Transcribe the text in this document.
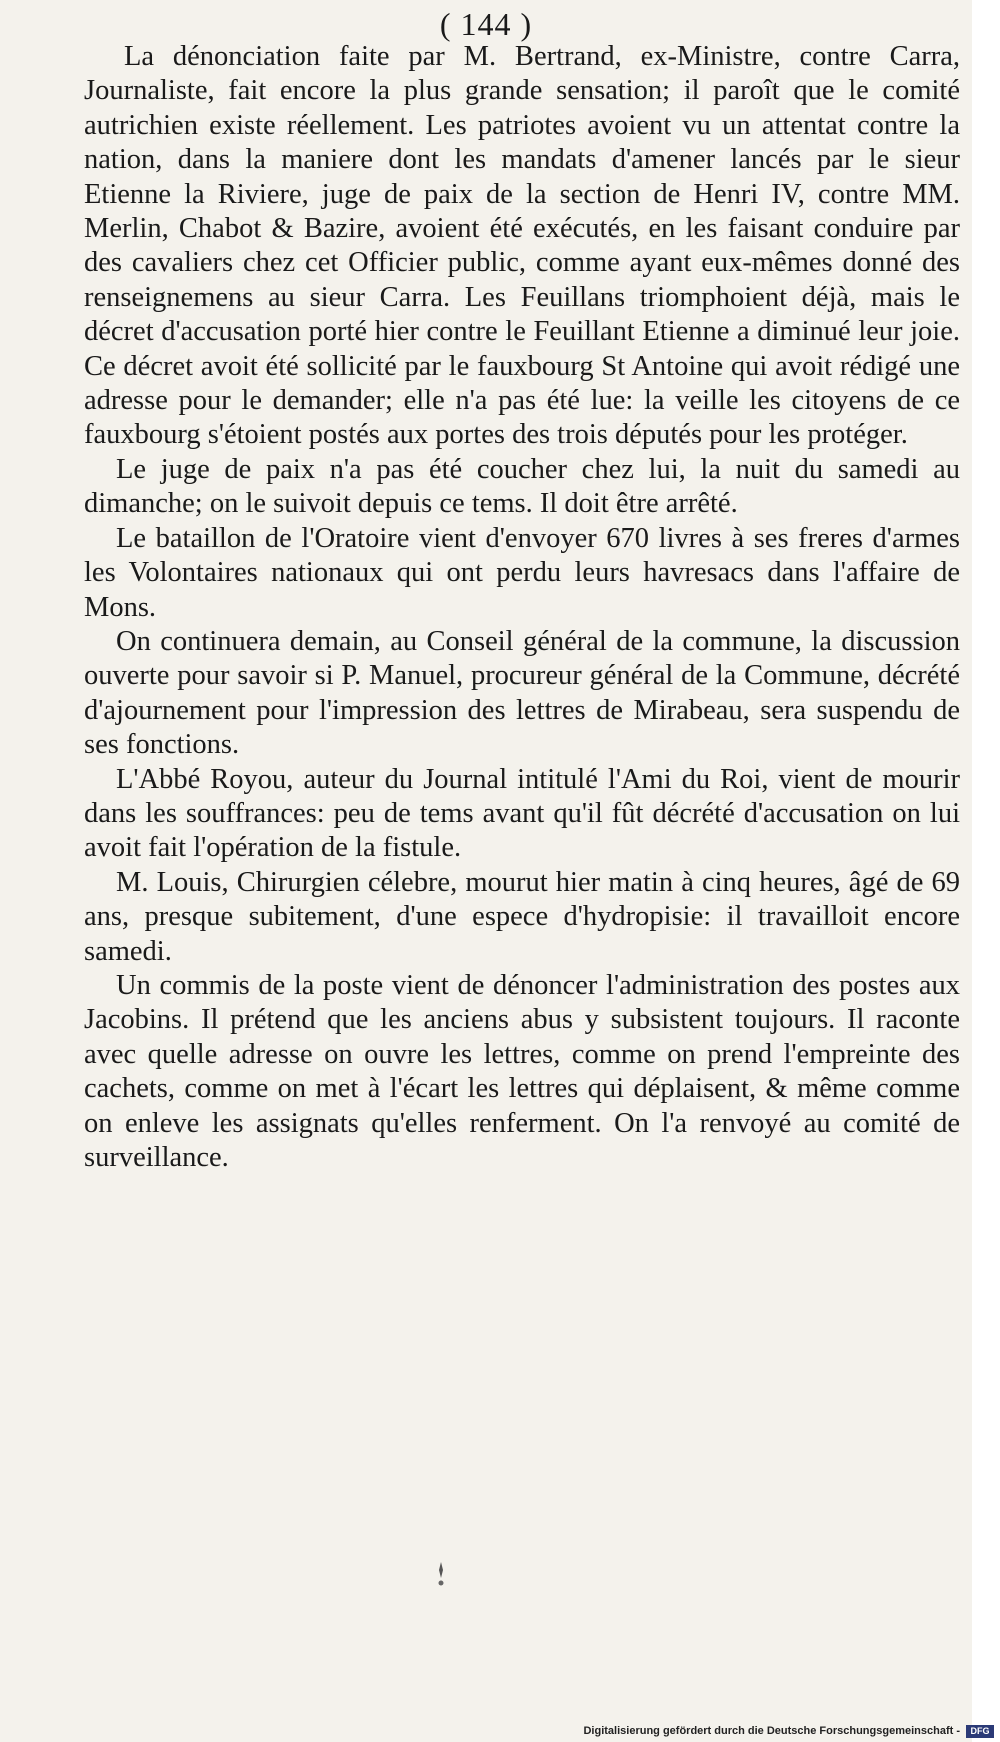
( 144 )

La dénonciation faite par M. Bertrand, ex-Ministre, contre Carra, Journaliste, fait encore la plus grande sensation; il paroît que le comité autrichien existe réellement. Les patriotes avoient vu un attentat contre la nation, dans la maniere dont les mandats d'amener lancés par le sieur Etienne la Riviere, juge de paix de la section de Henri IV, contre MM. Merlin, Chabot & Bazire, avoient été exécutés, en les faisant conduire par des cavaliers chez cet Officier public, comme ayant eux-mêmes donné des renseignemens au sieur Carra. Les Feuillans triomphoient déjà, mais le décret d'accusation porté hier contre le Feuillant Etienne a diminué leur joie. Ce décret avoit été sollicité par le fauxbourg St Antoine qui avoit rédigé une adresse pour le demander; elle n'a pas été lue: la veille les citoyens de ce fauxbourg s'étoient postés aux portes des trois députés pour les protéger.

Le juge de paix n'a pas été coucher chez lui, la nuit du samedi au dimanche; on le suivoit depuis ce tems. Il doit être arrêté.

Le bataillon de l'Oratoire vient d'envoyer 670 livres à ses freres d'armes les Volontaires nationaux qui ont perdu leurs havresacs dans l'affaire de Mons.

On continuera demain, au Conseil général de la commune, la discussion ouverte pour savoir si P. Manuel, procureur général de la Commune, décrété d'ajournement pour l'impression des lettres de Mirabeau, sera suspendu de ses fonctions.

L'Abbé Royou, auteur du Journal intitulé l'Ami du Roi, vient de mourir dans les souffrances: peu de tems avant qu'il fût décrété d'accusation on lui avoit fait l'opération de la fistule.

M. Louis, Chirurgien célebre, mourut hier matin à cinq heures, âgé de 69 ans, presque subitement, d'une espece d'hydropisie: il travailloit encore samedi.

Un commis de la poste vient de dénoncer l'administration des postes aux Jacobins. Il prétend que les anciens abus y subsistent toujours. Il raconte avec quelle adresse on ouvre les lettres, comme on prend l'empreinte des cachets, comme on met à l'écart les lettres qui déplaisent, & même comme on enleve les assignats qu'elles renferment. On l'a renvoyé au comité de surveillance.

Digitalisierung gefördert durch die Deutsche Forschungsgemeinschaft -	DFG
